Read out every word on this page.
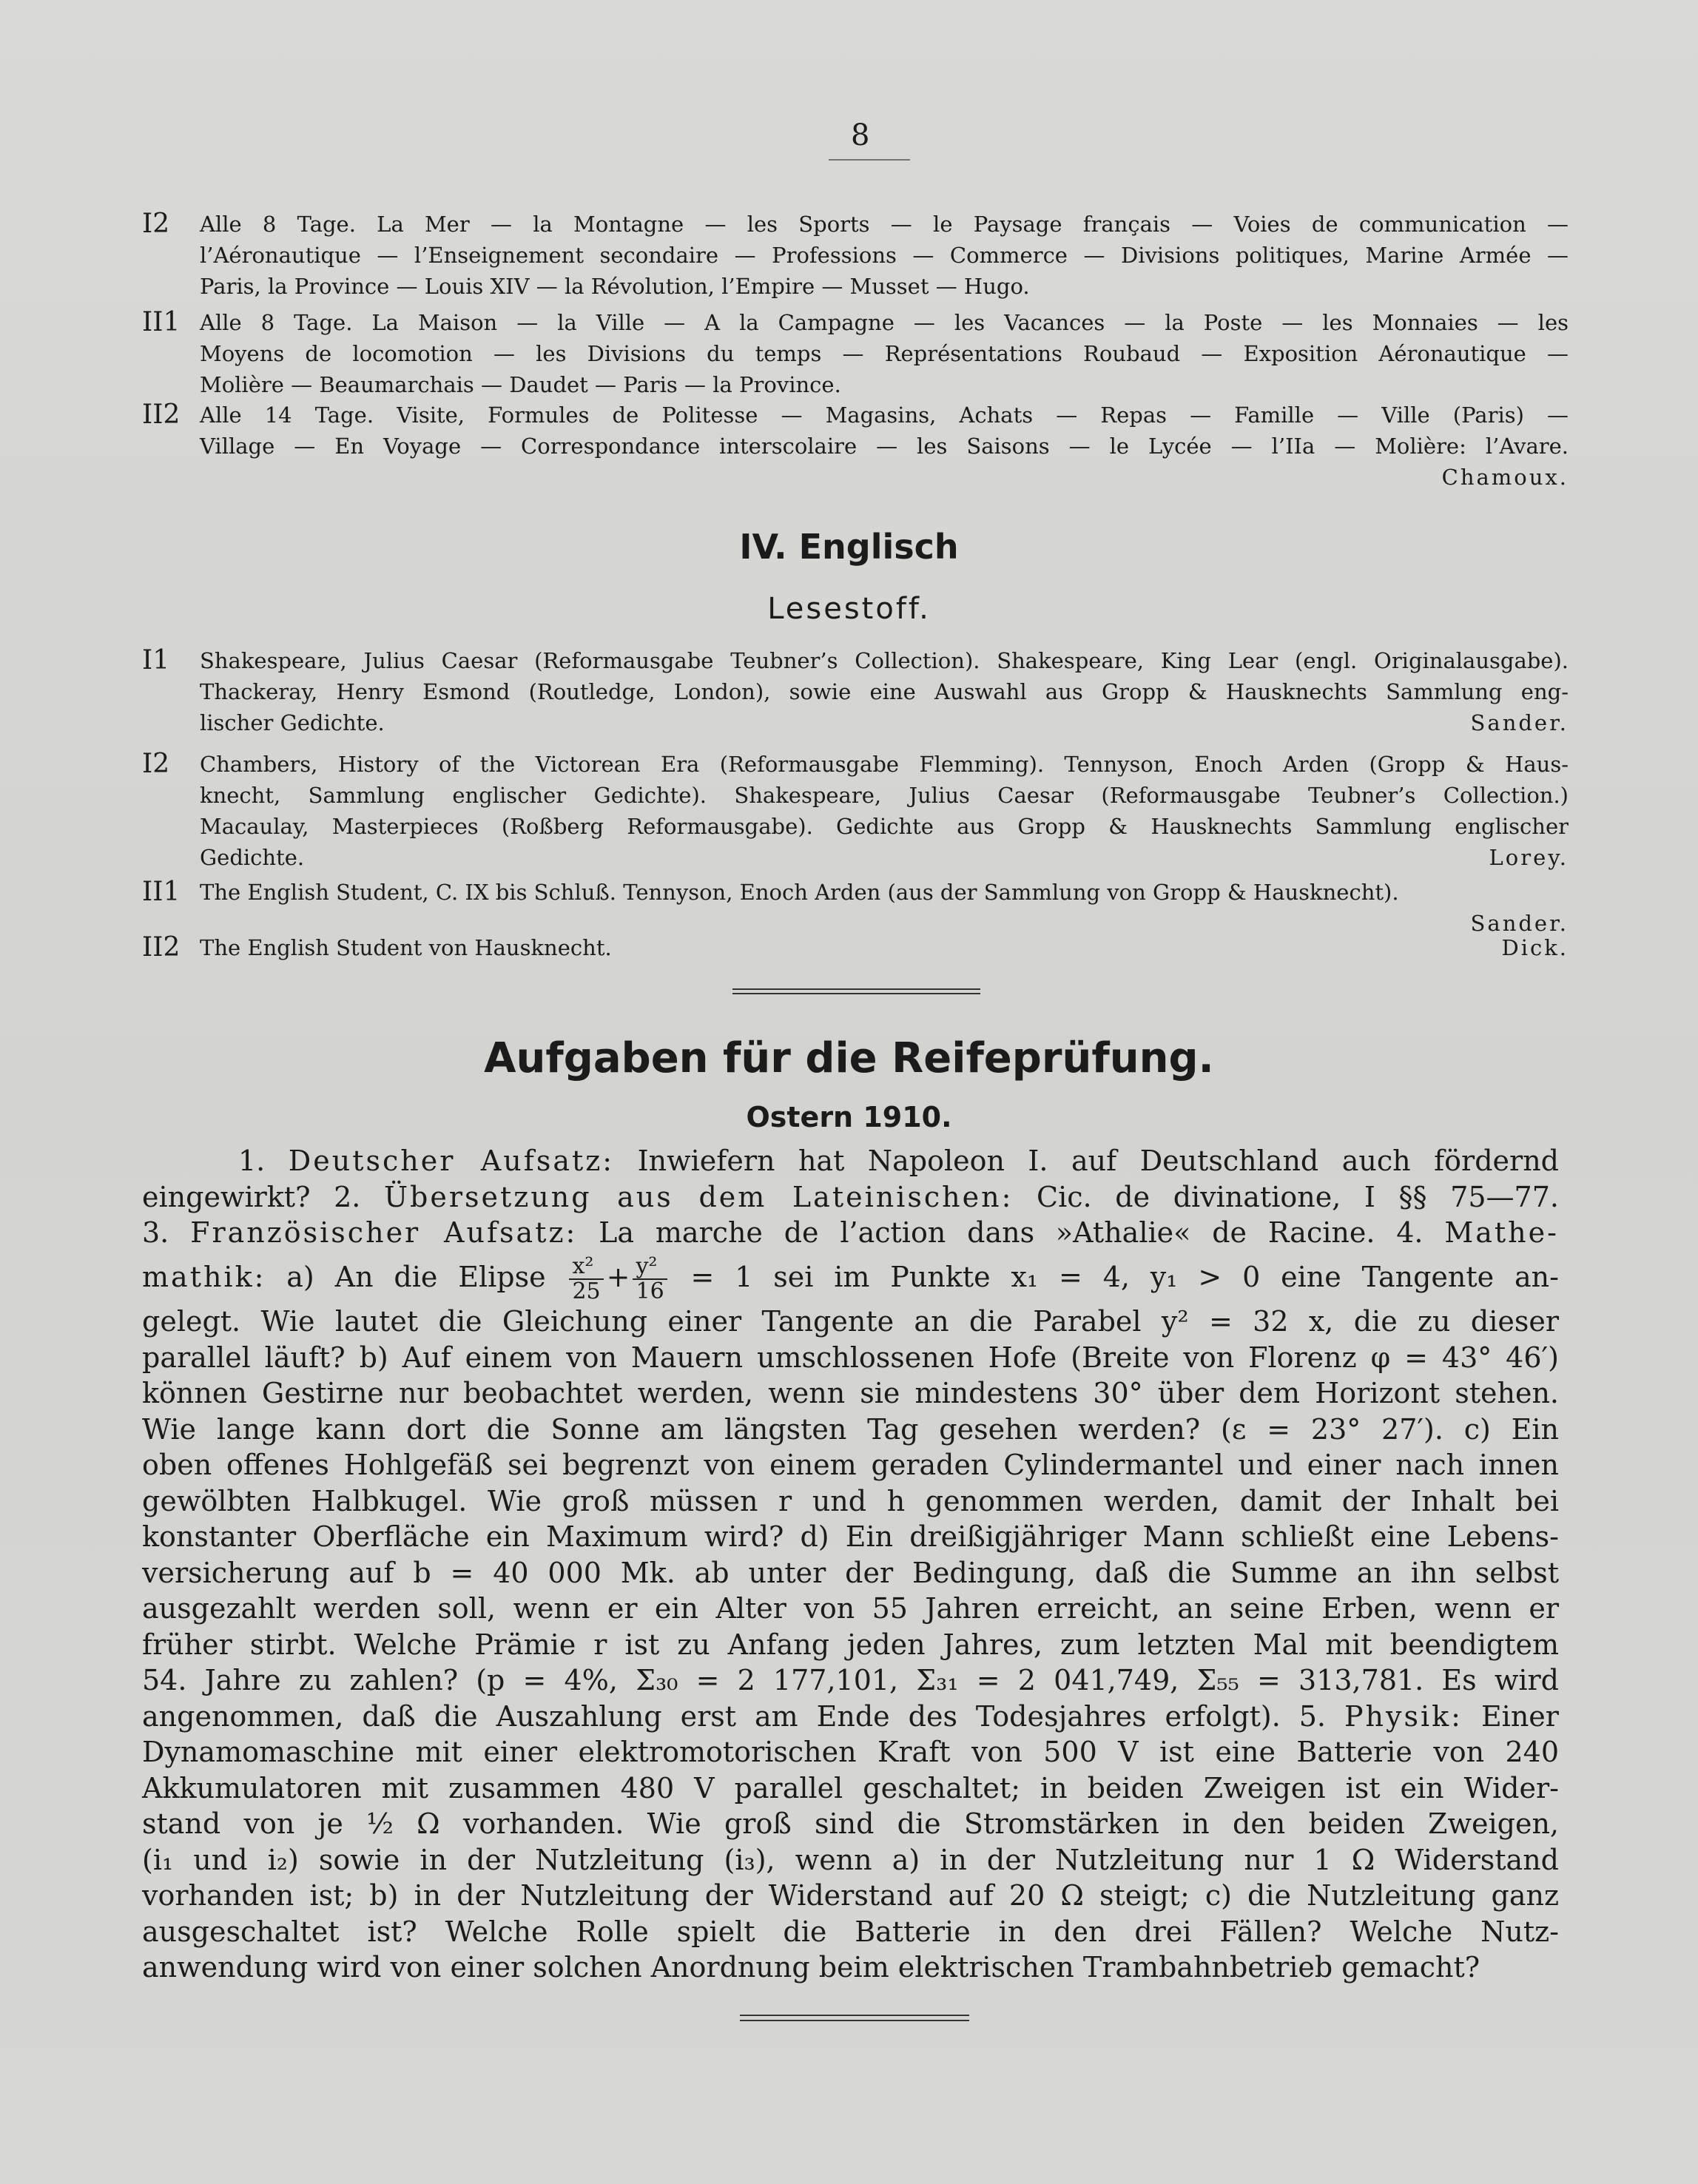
8
I2 Alle 8 Tage. La Mer — la Montagne — les Sports — le Paysage français — Voies de communication —
l’Aéronautique — l’Enseignement secondaire — Professions — Commerce — Divisions politiques, Marine Armée —
Paris, la Province — Louis XIV — la Révolution, l’Empire — Musset — Hugo.
II1 Alle 8 Tage. La Maison — la Ville — A la Campagne — les Vacances — la Poste — les Monnaies — les
Moyens de locomotion — les Divisions du temps — Représentations Roubaud — Exposition Aéronautique —
Molière — Beaumarchais — Daudet — Paris — la Province.
II2 Alle 14 Tage. Visite, Formules de Politesse — Magasins, Achats — Repas — Famille — Ville (Paris) —
Village — En Voyage — Correspondance interscolaire — les Saisons — le Lycée — l’IIa — Molière: l’Avare.
Chamoux.
IV. Englisch
Lesestoff.
I1 Shakespeare, Julius Caesar (Reformausgabe Teubner’s Collection). Shakespeare, King Lear (engl. Originalausgabe).
Thackeray, Henry Esmond (Routledge, London), sowie eine Auswahl aus Gropp & Hausknechts Sammlung eng-
lischer Gedichte.	Sander.
I2 Chambers, History of the Victorean Era (Reformausgabe Flemming). Tennyson, Enoch Arden (Gropp & Haus-
knecht, Sammlung englischer Gedichte). Shakespeare, Julius Caesar (Reformausgabe Teubner’s Collection.)
Macaulay, Masterpieces (Roßberg Reformausgabe). Gedichte aus Gropp & Hausknechts Sammlung englischer
Gedichte.	Lorey.
II1 The English Student, C. IX bis Schluß. Tennyson, Enoch Arden (aus der Sammlung von Gropp & Hausknecht).
Sander.
II2 The English Student von Hausknecht.	Dick.
Aufgaben für die Reifeprüfung.
Ostern 1910.
1. Deutscher Aufsatz: Inwiefern hat Napoleon I. auf Deutschland auch fördernd
eingewirkt? 2. Übersetzung aus dem Lateinischen: Cic. de divinatione, I §§ 75—77.
3. Französischer Aufsatz: La marche de l’action dans »Athalie« de Racine. 4. Mathe-
mathik: a) An die Elipse $\frac{\text{x²}}{25} + \frac{\text{y²}}{16} = 1$ sei im Punkte x₁ = 4, y₁ > 0 eine Tangente an-
gelegt. Wie lautet die Gleichung einer Tangente an die Parabel y² = 32 x, die zu dieser
parallel läuft? b) Auf einem von Mauern umschlossenen Hofe (Breite von Florenz φ = 43° 46′)
können Gestirne nur beobachtet werden, wenn sie mindestens 30° über dem Horizont stehen.
Wie lange kann dort die Sonne am längsten Tag gesehen werden? (ε = 23° 27′). c) Ein
oben offenes Hohlgefäß sei begrenzt von einem geraden Cylindermantel und einer nach innen
gewölbten Halbkugel. Wie groß müssen r und h genommen werden, damit der Inhalt bei
konstanter Oberfläche ein Maximum wird? d) Ein dreißigjähriger Mann schließt eine Lebens-
versicherung auf b = 40 000 Mk. ab unter der Bedingung, daß die Summe an ihn selbst
ausgezahlt werden soll, wenn er ein Alter von 55 Jahren erreicht, an seine Erben, wenn er
früher stirbt. Welche Prämie r ist zu Anfang jeden Jahres, zum letzten Mal mit beendigtem
54. Jahre zu zahlen? (p = 4%, Σ₃₀ = 2 177,101, Σ₃₁ = 2 041,749, Σ₅₅ = 313,781. Es wird
angenommen, daß die Auszahlung erst am Ende des Todesjahres erfolgt). 5. Physik: Einer
Dynamomaschine mit einer elektromotorischen Kraft von 500 V ist eine Batterie von 240
Akkumulatoren mit zusammen 480 V parallel geschaltet; in beiden Zweigen ist ein Wider-
stand von je ½ Ω vorhanden. Wie groß sind die Stromstärken in den beiden Zweigen,
(i₁ und i₂) sowie in der Nutzleitung (i₃), wenn a) in der Nutzleitung nur 1 Ω Widerstand
vorhanden ist; b) in der Nutzleitung der Widerstand auf 20 Ω steigt; c) die Nutzleitung ganz
ausgeschaltet ist? Welche Rolle spielt die Batterie in den drei Fällen? Welche Nutz-
anwendung wird von einer solchen Anordnung beim elektrischen Trambahnbetrieb gemacht?
